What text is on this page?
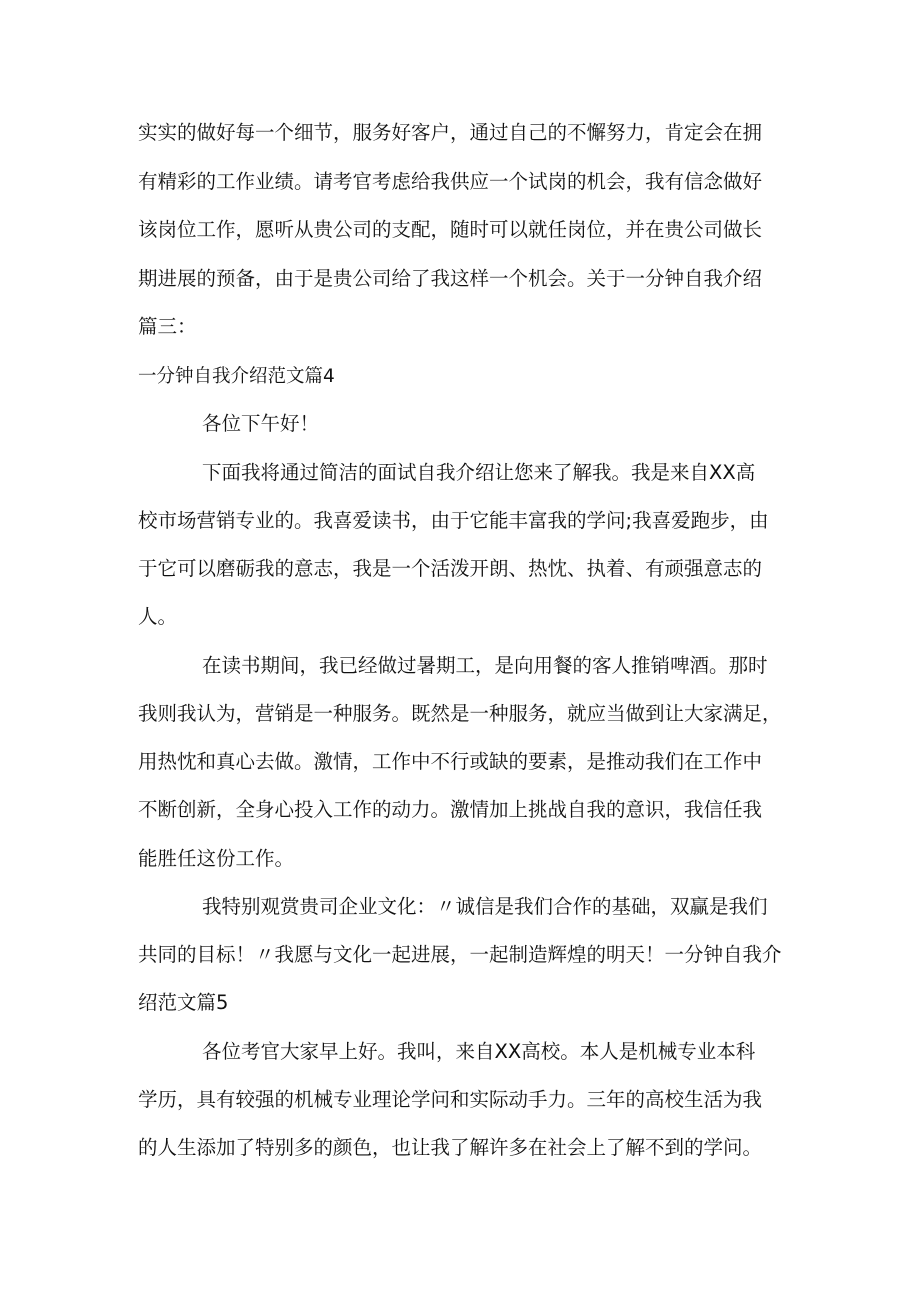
实实的做好每一个细节，服务好客户，通过自己的不懈努力，肯定会在拥
有精彩的工作业绩。请考官考虑给我供应一个试岗的机会，我有信念做好
该岗位工作，愿听从贵公司的支配，随时可以就任岗位，并在贵公司做长
期进展的预备，由于是贵公司给了我这样一个机会。关于一分钟自我介绍
篇三：
一分钟自我介绍范文篇4
各位下午好！
下面我将通过简洁的面试自我介绍让您来了解我。我是来自XX高
校市场营销专业的。我喜爱读书，由于它能丰富我的学问;我喜爱跑步，由
于它可以磨砺我的意志，我是一个活泼开朗、热忱、执着、有顽强意志的
人。
在读书期间，我已经做过暑期工，是向用餐的客人推销啤酒。那时
我则我认为，营销是一种服务。既然是一种服务，就应当做到让大家满足，
用热忱和真心去做。激情，工作中不行或缺的要素，是推动我们在工作中
不断创新，全身心投入工作的动力。激情加上挑战自我的意识，我信任我
能胜任这份工作。
我特别观赏贵司企业文化：〃诚信是我们合作的基础，双赢是我们
共同的目标！〃我愿与文化一起进展，一起制造辉煌的明天！一分钟自我介
绍范文篇5
各位考官大家早上好。我叫，来自XX高校。本人是机械专业本科
学历，具有较强的机械专业理论学问和实际动手力。三年的高校生活为我
的人生添加了特别多的颜色，也让我了解许多在社会上了解不到的学问。
